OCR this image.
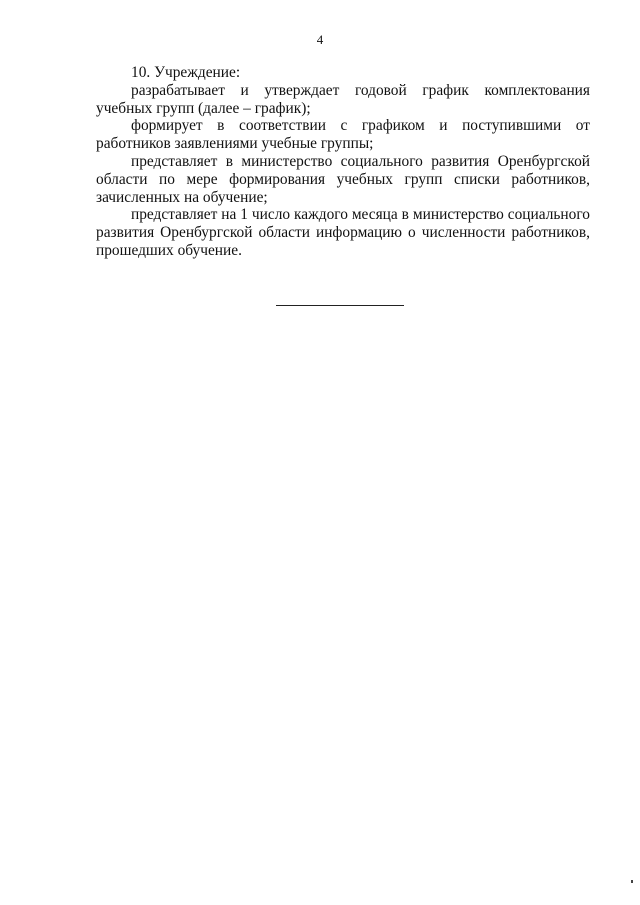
4

10. Учреждение:

разрабатывает и утверждает годовой график комплектования учебных групп (далее – график);

формирует в соответствии с графиком и поступившими от работников заявлениями учебные группы;

представляет в министерство социального развития Оренбургской области по мере формирования учебных групп списки работников, зачисленных на обучение;

представляет на 1 число каждого месяца в министерство социального развития Оренбургской области информацию о численности работников, прошедших обучение.
